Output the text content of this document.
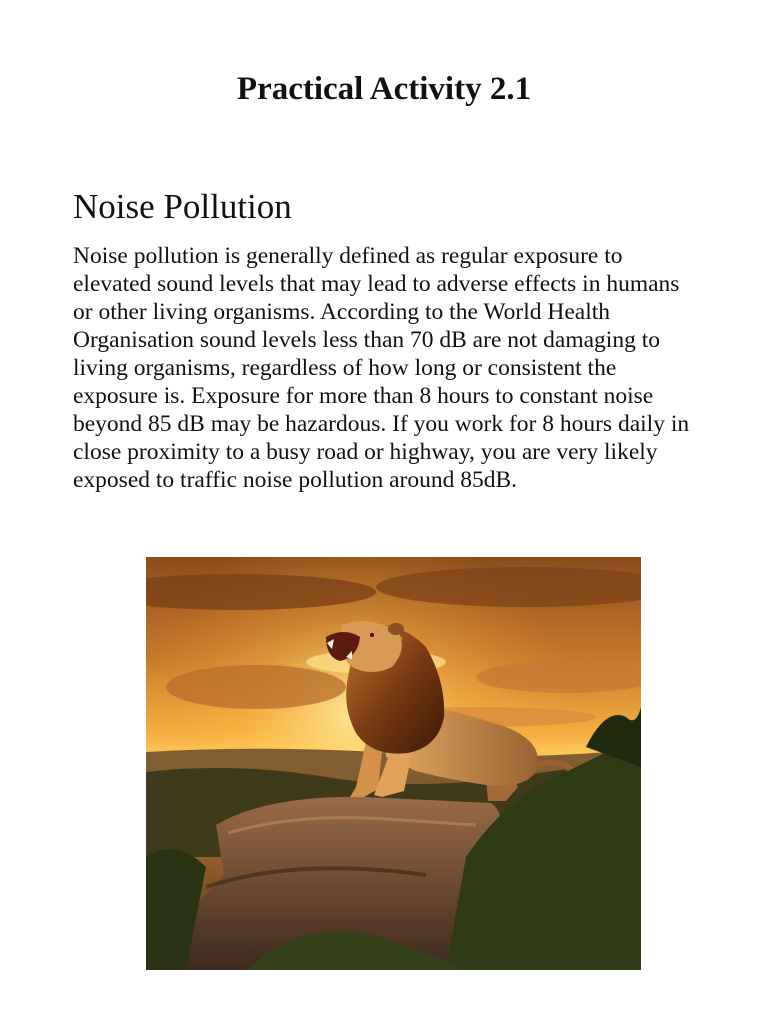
Practical Activity 2.1
Noise Pollution

Noise pollution is generally defined as regular exposure to elevated sound levels that may lead to adverse effects in humans or other living organisms. According to the World Health Organisation sound levels less than 70 dB are not damaging to living organisms, regardless of how long or consistent the exposure is. Exposure for more than 8 hours to constant noise beyond 85 dB may be hazardous. If you work for 8 hours daily in close proximity to a busy road or highway, you are very likely exposed to traffic noise pollution around 85dB.
